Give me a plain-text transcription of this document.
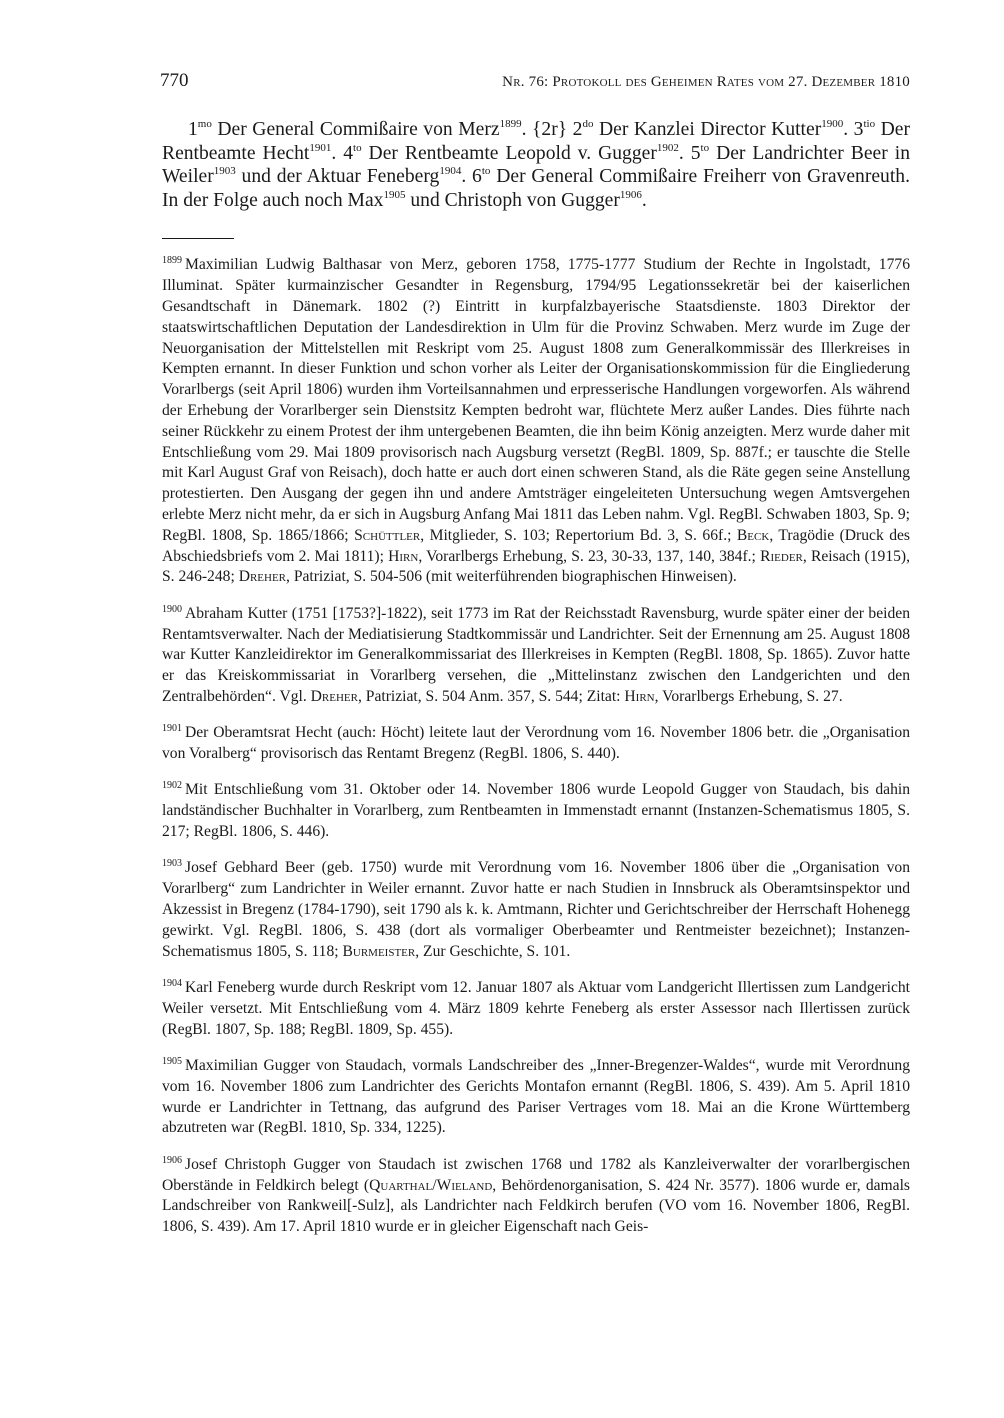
770	Nr. 76: Protokoll des Geheimen Rates vom 27. Dezember 1810

$1^{mo}$ Der General Commißaire von Merz$^{1899}$. {2r} $2^{do}$ Der Kanzlei Director Kutter$^{1900}$. $3^{tio}$ Der Rentbeamte Hecht$^{1901}$. $4^{to}$ Der Rentbeamte Leopold v. Gugger$^{1902}$. $5^{to}$ Der Landrichter Beer in Weiler$^{1903}$ und der Aktuar Feneberg$^{1904}$. $6^{to}$ Der General Commißaire Freiherr von Gravenreuth. In der Folge auch noch Max$^{1905}$ und Christoph von Gugger$^{1906}$.

$^{1899}$ Maximilian Ludwig Balthasar von Merz, geboren 1758, 1775-1777 Studium der Rechte in Ingolstadt, 1776 Illuminat. Später kurmainzischer Gesandter in Regensburg, 1794/95 Legationssekretär bei der kaiserlichen Gesandtschaft in Dänemark. 1802 (?) Eintritt in kurpfalzbayerische Staatsdienste. 1803 Direktor der staatswirtschaftlichen Deputation der Landesdirektion in Ulm für die Provinz Schwaben. Merz wurde im Zuge der Neuorganisation der Mittelstellen mit Reskript vom 25. August 1808 zum Generalkommissär des Illerkreises in Kempten ernannt. In dieser Funktion und schon vorher als Leiter der Organisationskommission für die Eingliederung Vorarlbergs (seit April 1806) wurden ihm Vorteilsannahmen und erpresserische Handlungen vorgeworfen. Als während der Erhebung der Vorarlberger sein Dienstsitz Kempten bedroht war, flüchtete Merz außer Landes. Dies führte nach seiner Rückkehr zu einem Protest der ihm untergebenen Beamten, die ihn beim König anzeigten. Merz wurde daher mit Entschließung vom 29. Mai 1809 provisorisch nach Augsburg versetzt (RegBl. 1809, Sp. 887f.; er tauschte die Stelle mit Karl August Graf von Reisach), doch hatte er auch dort einen schweren Stand, als die Räte gegen seine Anstellung protestierten. Den Ausgang der gegen ihn und andere Amtsträger eingeleiteten Untersuchung wegen Amtsvergehen erlebte Merz nicht mehr, da er sich in Augsburg Anfang Mai 1811 das Leben nahm. Vgl. RegBl. Schwaben 1803, Sp. 9; RegBl. 1808, Sp. 1865/1866; Schüttler, Mitglieder, S. 103; Repertorium Bd. 3, S. 66f.; Beck, Tragödie (Druck des Abschiedsbriefs vom 2. Mai 1811); Hirn, Vorarlbergs Erhebung, S. 23, 30-33, 137, 140, 384f.; Rieder, Reisach (1915), S. 246-248; Dreher, Patriziat, S. 504-506 (mit weiterführenden biographischen Hinweisen).

$^{1900}$ Abraham Kutter (1751 [1753?]-1822), seit 1773 im Rat der Reichsstadt Ravensburg, wurde später einer der beiden Rentamtsverwalter. Nach der Mediatisierung Stadtkommissär und Landrichter. Seit der Ernennung am 25. August 1808 war Kutter Kanzleidirektor im Generalkommissariat des Illerkreises in Kempten (RegBl. 1808, Sp. 1865). Zuvor hatte er das Kreiskommissariat in Vorarlberg versehen, die „Mittelinstanz zwischen den Landgerichten und den Zentralbehörden“. Vgl. Dreher, Patriziat, S. 504 Anm. 357, S. 544; Zitat: Hirn, Vorarlbergs Erhebung, S. 27.

$^{1901}$ Der Oberamtsrat Hecht (auch: Höcht) leitete laut der Verordnung vom 16. November 1806 betr. die „Organisation von Voralberg“ provisorisch das Rentamt Bregenz (RegBl. 1806, S. 440).

$^{1902}$ Mit Entschließung vom 31. Oktober oder 14. November 1806 wurde Leopold Gugger von Staudach, bis dahin landständischer Buchhalter in Vorarlberg, zum Rentbeamten in Immenstadt ernannt (Instanzen-Schematismus 1805, S. 217; RegBl. 1806, S. 446).

$^{1903}$ Josef Gebhard Beer (geb. 1750) wurde mit Verordnung vom 16. November 1806 über die „Organisation von Vorarlberg“ zum Landrichter in Weiler ernannt. Zuvor hatte er nach Studien in Innsbruck als Oberamtsinspektor und Akzessist in Bregenz (1784-1790), seit 1790 als k. k. Amtmann, Richter und Gerichtschreiber der Herrschaft Hohenegg gewirkt. Vgl. RegBl. 1806, S. 438 (dort als vormaliger Oberbeamter und Rentmeister bezeichnet); Instanzen-Schematismus 1805, S. 118; Burmeister, Zur Geschichte, S. 101.

$^{1904}$ Karl Feneberg wurde durch Reskript vom 12. Januar 1807 als Aktuar vom Landgericht Illertissen zum Landgericht Weiler versetzt. Mit Entschließung vom 4. März 1809 kehrte Feneberg als erster Assessor nach Illertissen zurück (RegBl. 1807, Sp. 188; RegBl. 1809, Sp. 455).

$^{1905}$ Maximilian Gugger von Staudach, vormals Landschreiber des „Inner-Bregenzer-Waldes“, wurde mit Verordnung vom 16. November 1806 zum Landrichter des Gerichts Montafon ernannt (RegBl. 1806, S. 439). Am 5. April 1810 wurde er Landrichter in Tettnang, das aufgrund des Pariser Vertrages vom 18. Mai an die Krone Württemberg abzutreten war (RegBl. 1810, Sp. 334, 1225).

$^{1906}$ Josef Christoph Gugger von Staudach ist zwischen 1768 und 1782 als Kanzleiverwalter der vorarlbergischen Oberstände in Feldkirch belegt (Quarthal/Wieland, Behördenorganisation, S. 424 Nr. 3577). 1806 wurde er, damals Landschreiber von Rankweil[-Sulz], als Landrichter nach Feldkirch berufen (VO vom 16. November 1806, RegBl. 1806, S. 439). Am 17. April 1810 wurde er in gleicher Eigenschaft nach Geis-
